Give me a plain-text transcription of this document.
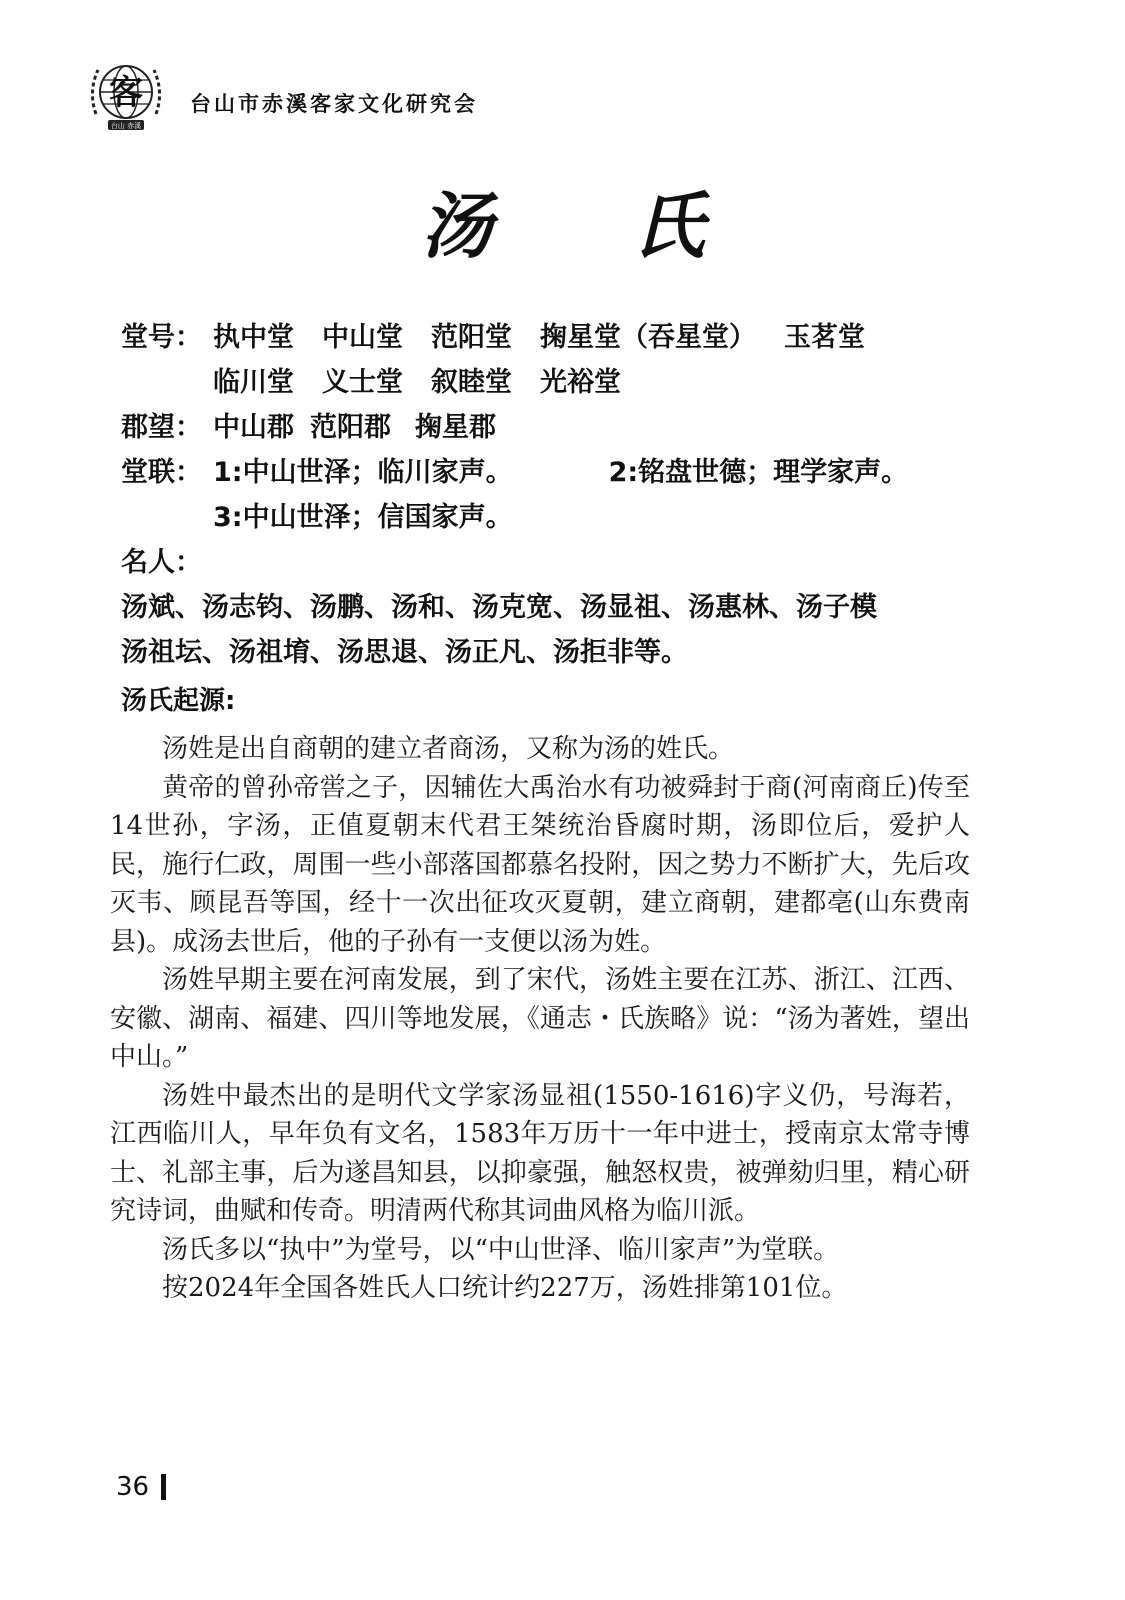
客
台山 赤溪
台山市赤溪客家文化研究会
汤 氏
堂号： 执中堂 中山堂 范阳堂 掬星堂（吞星堂） 玉茗堂
临川堂 义士堂 叙睦堂 光裕堂
郡望： 中山郡 范阳郡 掬星郡
堂联： 1:中山世泽；临川家声。	2:铭盘世德；理学家声。
3:中山世泽；信国家声。
名人：
汤斌、汤志钧、汤鹏、汤和、汤克宽、汤显祖、汤惠林、汤子模
汤祖坛、汤祖堉、汤思退、汤正凡、汤拒非等。
汤氏起源:

汤姓是出自商朝的建立者商汤，又称为汤的姓氏。

黄帝的曾孙帝喾之子，因辅佐大禹治水有功被舜封于商(河南商丘)传至14世孙，字汤，正值夏朝末代君王桀统治昏腐时期，汤即位后，爱护人民，施行仁政，周围一些小部落国都慕名投附，因之势力不断扩大，先后攻灭韦、顾昆吾等国，经十一次出征攻灭夏朝，建立商朝，建都亳(山东费南县)。成汤去世后，他的子孙有一支便以汤为姓。

汤姓早期主要在河南发展，到了宋代，汤姓主要在江苏、浙江、江西、安徽、湖南、福建、四川等地发展，《通志・氏族略》说：“汤为著姓，望出中山。”

汤姓中最杰出的是明代文学家汤显祖(1550-1616)字义仍，号海若，江西临川人，早年负有文名，1583年万历十一年中进士，授南京太常寺博士、礼部主事，后为遂昌知县，以抑豪强，触怒权贵，被弹劾归里，精心研究诗词，曲赋和传奇。明清两代称其词曲风格为临川派。

汤氏多以“执中”为堂号，以“中山世泽、临川家声”为堂联。

按2024年全国各姓氏人口统计约227万，汤姓排第101位。

36
